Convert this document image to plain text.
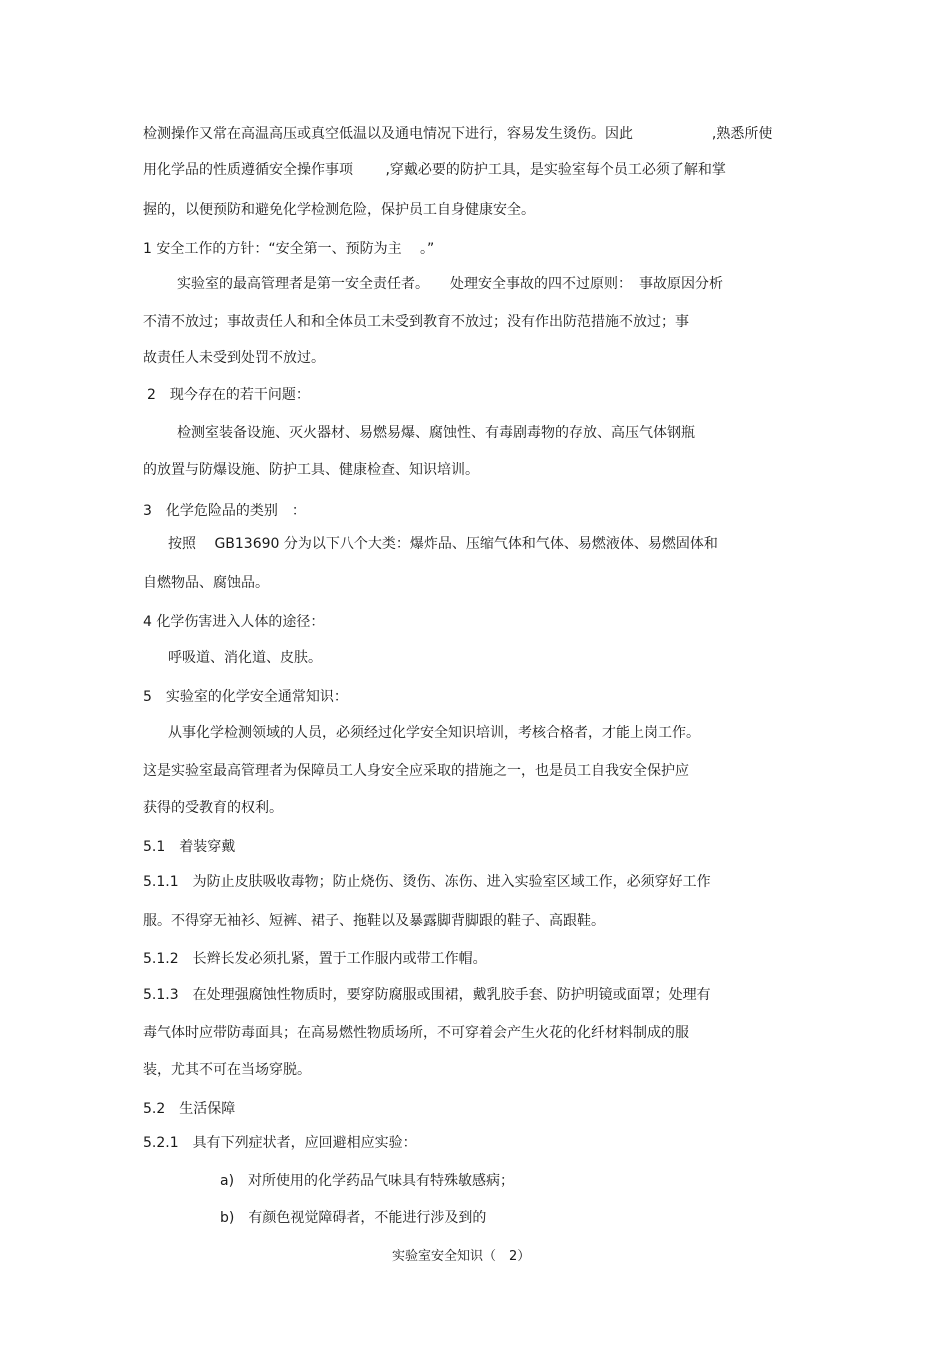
检测操作又常在高温高压或真空低温以及通电情况下进行，容易发生烫伤。因此 　　　　　 ,熟悉所使
用化学品的性质遵循安全操作事项　　 ,穿戴必要的防护工具，是实验室每个员工必须了解和掌
握的，以便预防和避免化学检测危险，保护员工自身健康安全。
1 安全工作的方针：“安全第一、预防为主　 。”
实验室的最高管理者是第一安全责任者。　　处理安全事故的四不过原则：　事故原因分析
不清不放过；事故责任人和和全体员工未受到教育不放过；没有作出防范措施不放过；事
故责任人未受到处罚不放过。
2　现今存在的若干问题：
检测室装备设施、灭火器材、易燃易爆、腐蚀性、有毒剧毒物的存放、高压气体钢瓶
的放置与防爆设施、防护工具、健康检查、知识培训。
3　化学危险品的类别　：
按照　 GB13690 分为以下八个大类：爆炸品、压缩气体和气体、易燃液体、易燃固体和
自燃物品、腐蚀品。
4 化学伤害进入人体的途径：
呼吸道、消化道、皮肤。
5　实验室的化学安全通常知识：
从事化学检测领域的人员，必须经过化学安全知识培训，考核合格者，才能上岗工作。
这是实验室最高管理者为保障员工人身安全应采取的措施之一，也是员工自我安全保护应
获得的受教育的权利。
5.1　着装穿戴
5.1.1　为防止皮肤吸收毒物；防止烧伤、烫伤、冻伤、进入实验室区域工作，必须穿好工作
服。不得穿无袖衫、短裤、裙子、拖鞋以及暴露脚背脚跟的鞋子、高跟鞋。
5.1.2　长辫长发必须扎紧，置于工作服内或带工作帽。
5.1.3　在处理强腐蚀性物质时，要穿防腐服或围裙，戴乳胶手套、防护明镜或面罩；处理有
毒气体时应带防毒面具；在高易燃性物质场所，不可穿着会产生火花的化纤材料制成的服
装，尤其不可在当场穿脱。
5.2　生活保障
5.2.1　具有下列症状者，应回避相应实验：
a)　对所使用的化学药品气味具有特殊敏感病；
b)　有颜色视觉障碍者，不能进行涉及到的
实验室安全知识（　2）
